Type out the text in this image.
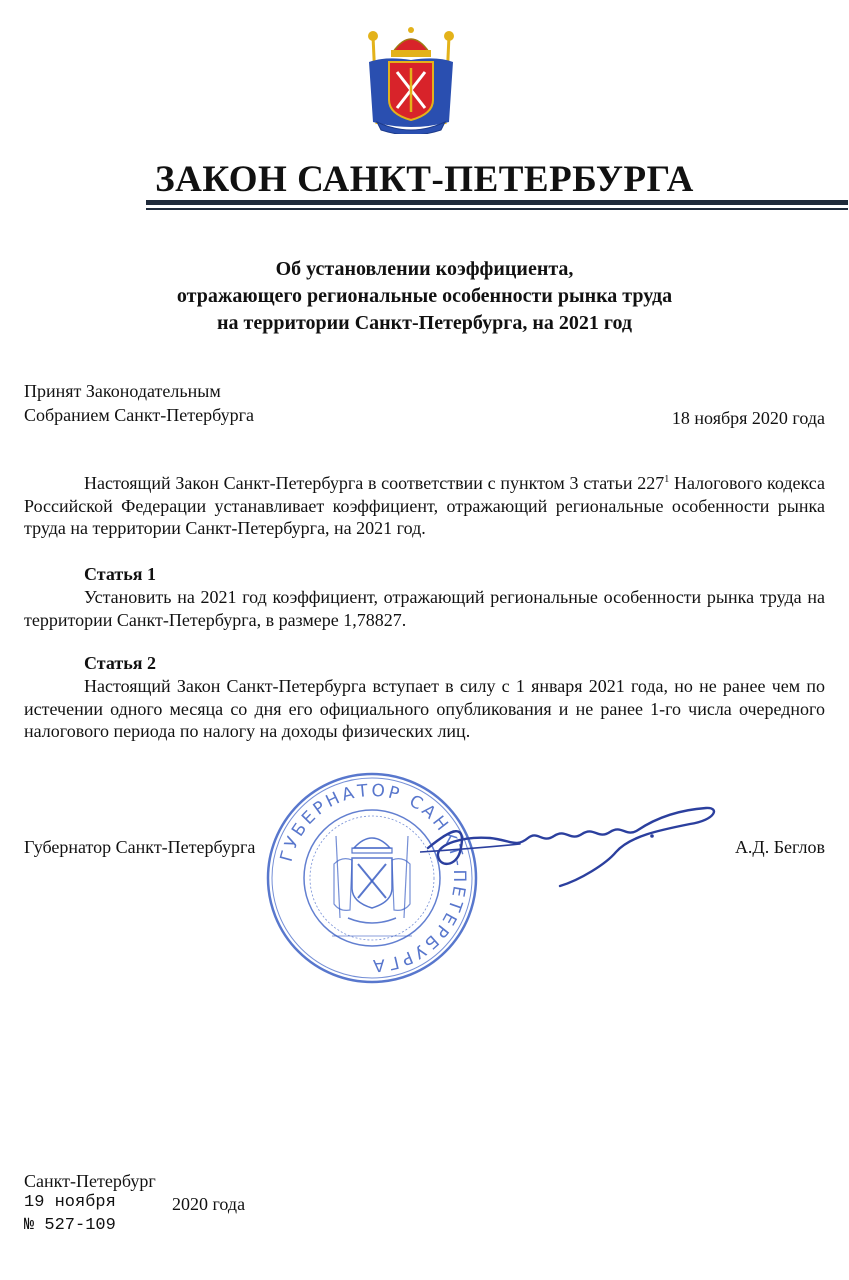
ЗАКОН САНКТ-ПЕТЕРБУРГА
Об установлении коэффициента,
отражающего региональные особенности рынка труда
на территории Санкт-Петербурга, на 2021 год
Принят Законодательным
Собранием Санкт-Петербурга	18 ноября 2020 года
Настоящий Закон Санкт-Петербурга в соответствии с пунктом 3 статьи $227^1$ Налогового кодекса Российской Федерации устанавливает коэффициент, отражающий региональные особенности рынка труда на территории Санкт-Петербурга, на 2021 год.
Статья 1
Установить на 2021 год коэффициент, отражающий региональные особенности рынка труда на территории Санкт-Петербурга, в размере 1,78827.
Статья 2
Настоящий Закон Санкт-Петербурга вступает в силу с 1 января 2021 года, но не ранее чем по истечении одного месяца со дня его официального опубликования и не ранее 1-го числа очередного налогового периода по налогу на доходы физических лиц.
ГУБЕРНАТОР САНКТ-ПЕТЕРБУРГА
Губернатор Санкт-Петербурга	А.Д. Беглов
Санкт-Петербург
19 ноября	2020 года
№ 527-109
